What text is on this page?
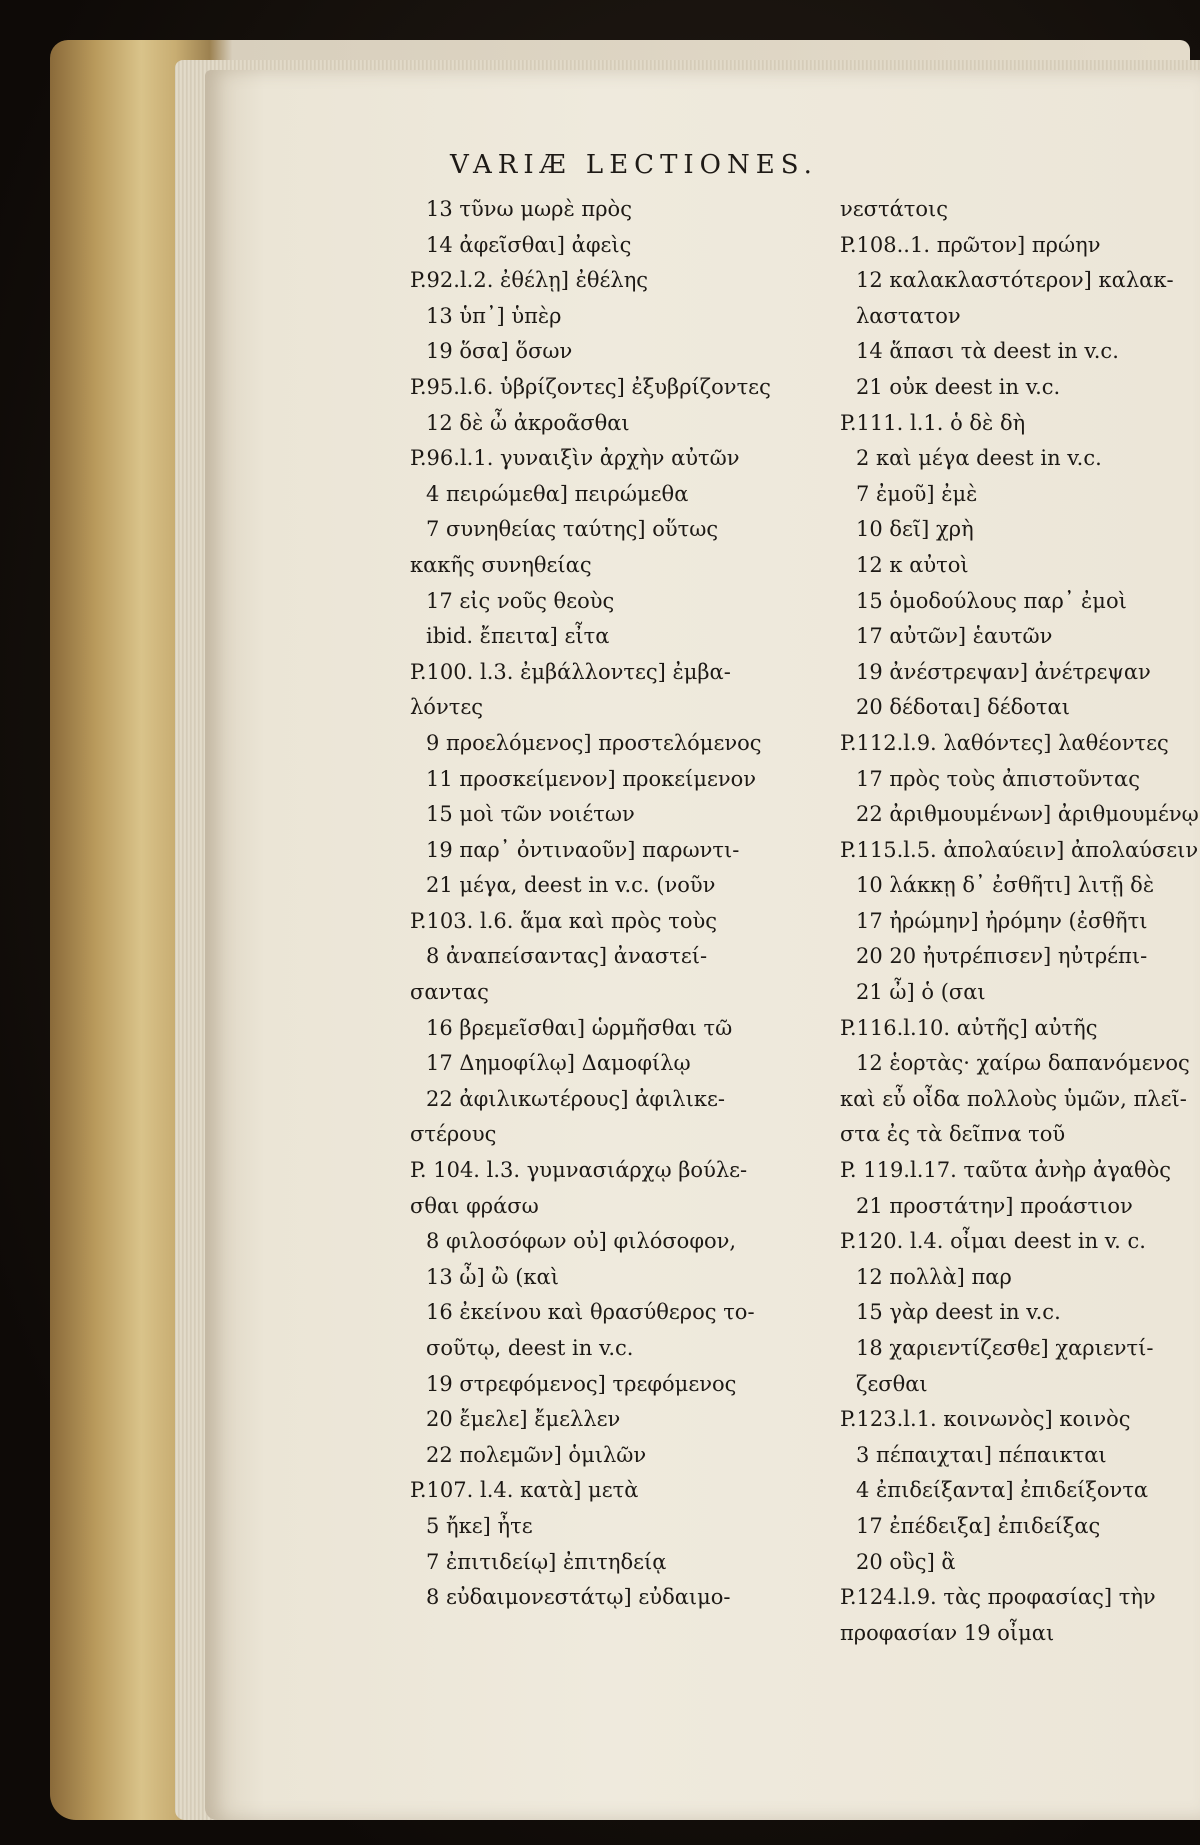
VARIÆ LECTIONES.
13 τῦνω μωρὲ πρὸς
14 ἀφεῖσθαι] ἀφεὶς
P.92.l.2. ἐθέλῃ] ἐθέλης
13 ὑπ᾽] ὑπὲρ
19 ὅσα] ὅσων
P.95.l.6. ὑβρίζοντες] ἐξυβρίζοντες
12 δὲ ὦ ἀκροᾶσθαι
P.96.l.1. γυναιξὶν ἀρχὴν αὐτῶν
4 πειρώμεθα] πειρώμεθα
7 συνηθείας ταύτης] οὕτως
κακῆς συνηθείας
17 εἰς νοῦς θεοὺς
ibid. ἔπειτα] εἶτα
P.100. l.3. ἐμβάλλοντες] ἐμβα-
λόντες
9 προελόμενος] προστελόμενος
11 προσκείμενον] προκείμενον
15 μοὶ τῶν νοιέτων
19 παρ᾽ ὀντιναοῦν] παρωντι-
21 μέγα, deest in v.c. (νοῦν
P.103. l.6. ἅμα καὶ πρὸς τοὺς
8 ἀναπείσαντας] ἀναστεί-
σαντας
16 βρεμεῖσθαι] ὡρμῆσθαι τῶ
17 Δημοφίλῳ] Δαμοφίλῳ
22 ἀφιλικωτέρους] ἀφιλικε-
στέρους
P. 104. l.3. γυμνασιάρχῳ βούλε-
σθαι φράσω
8 φιλοσόφων οὐ] φιλόσοφον,
13 ὦ] ὢ (καὶ
16 ἐκείνου καὶ θρασύθερος το-
σοῦτῳ, deest in v.c.
19 στρεφόμενος] τρεφόμενος
20 ἔμελε] ἔμελλεν
22 πολεμῶν] ὁμιλῶν
P.107. l.4. κατὰ] μετὰ
5 ἤκε] ἦτε
7 ἐπιτιδείῳ] ἐπιτηδείᾳ
8 εὐδαιμονεστάτῳ] εὐδαιμο-
νεστάτοις
P.108..1. πρῶτον] πρώην
12 καλακλαστότερον] καλακ-
λαστατον
14 ἅπασι τὰ deest in v.c.
21 οὐκ deest in v.c.
P.111. l.1. ὁ δὲ δὴ
2 καὶ μέγα deest in v.c.
7 ἐμοῦ] ἐμὲ
10 δεῖ] χρὴ
12 κ αὐτοὶ
15 ὁμοδούλους παρ᾽ ἐμοὶ
17 αὐτῶν] ἑαυτῶν
19 ἀνέστρεψαν] ἀνέτρεψαν
20 δέδοται] δέδοται
P.112.l.9. λαθόντες] λαθέοντες
17 πρὸς τοὺς ἀπιστοῦντας
22 ἀριθμουμένων] ἀριθμουμένῳ
P.115.l.5. ἀπολαύειν] ἀπολαύσειν
10 λάκκῃ δ᾽ ἐσθῆτι] λιτῇ δὲ
17 ἠρώμην] ἠρόμην (ἐσθῆτι
20 20 ἠυτρέπισεν] ηὐτρέπι-
21 ὦ] ὁ (σαι
P.116.l.10. αὐτῆς] αὐτῆς
12 ἑορτὰς· χαίρω δαπανόμενος
καὶ εὖ οἶδα πολλοὺς ὑμῶν, πλεῖ-
στα ἐς τὰ δεῖπνα τοῦ
P. 119.l.17. ταῦτα ἀνὴρ ἀγαθὸς
21 προστάτην] προάστιον
P.120. l.4. οἶμαι deest in v. c.
12 πολλὰ] παρ
15 γὰρ deest in v.c.
18 χαριεντίζεσθε] χαριεντί-
ζεσθαι
P.123.l.1. κοινωνὸς] κοινὸς
3 πέπαιχται] πέπαικται
4 ἐπιδείξαντα] ἐπιδείξοντα
17 ἐπέδειξα] ἐπιδείξας
20 οὓς] ἃ
P.124.l.9. τὰς προφασίας] τὴν
προφασίαν 19 οἶμαι
